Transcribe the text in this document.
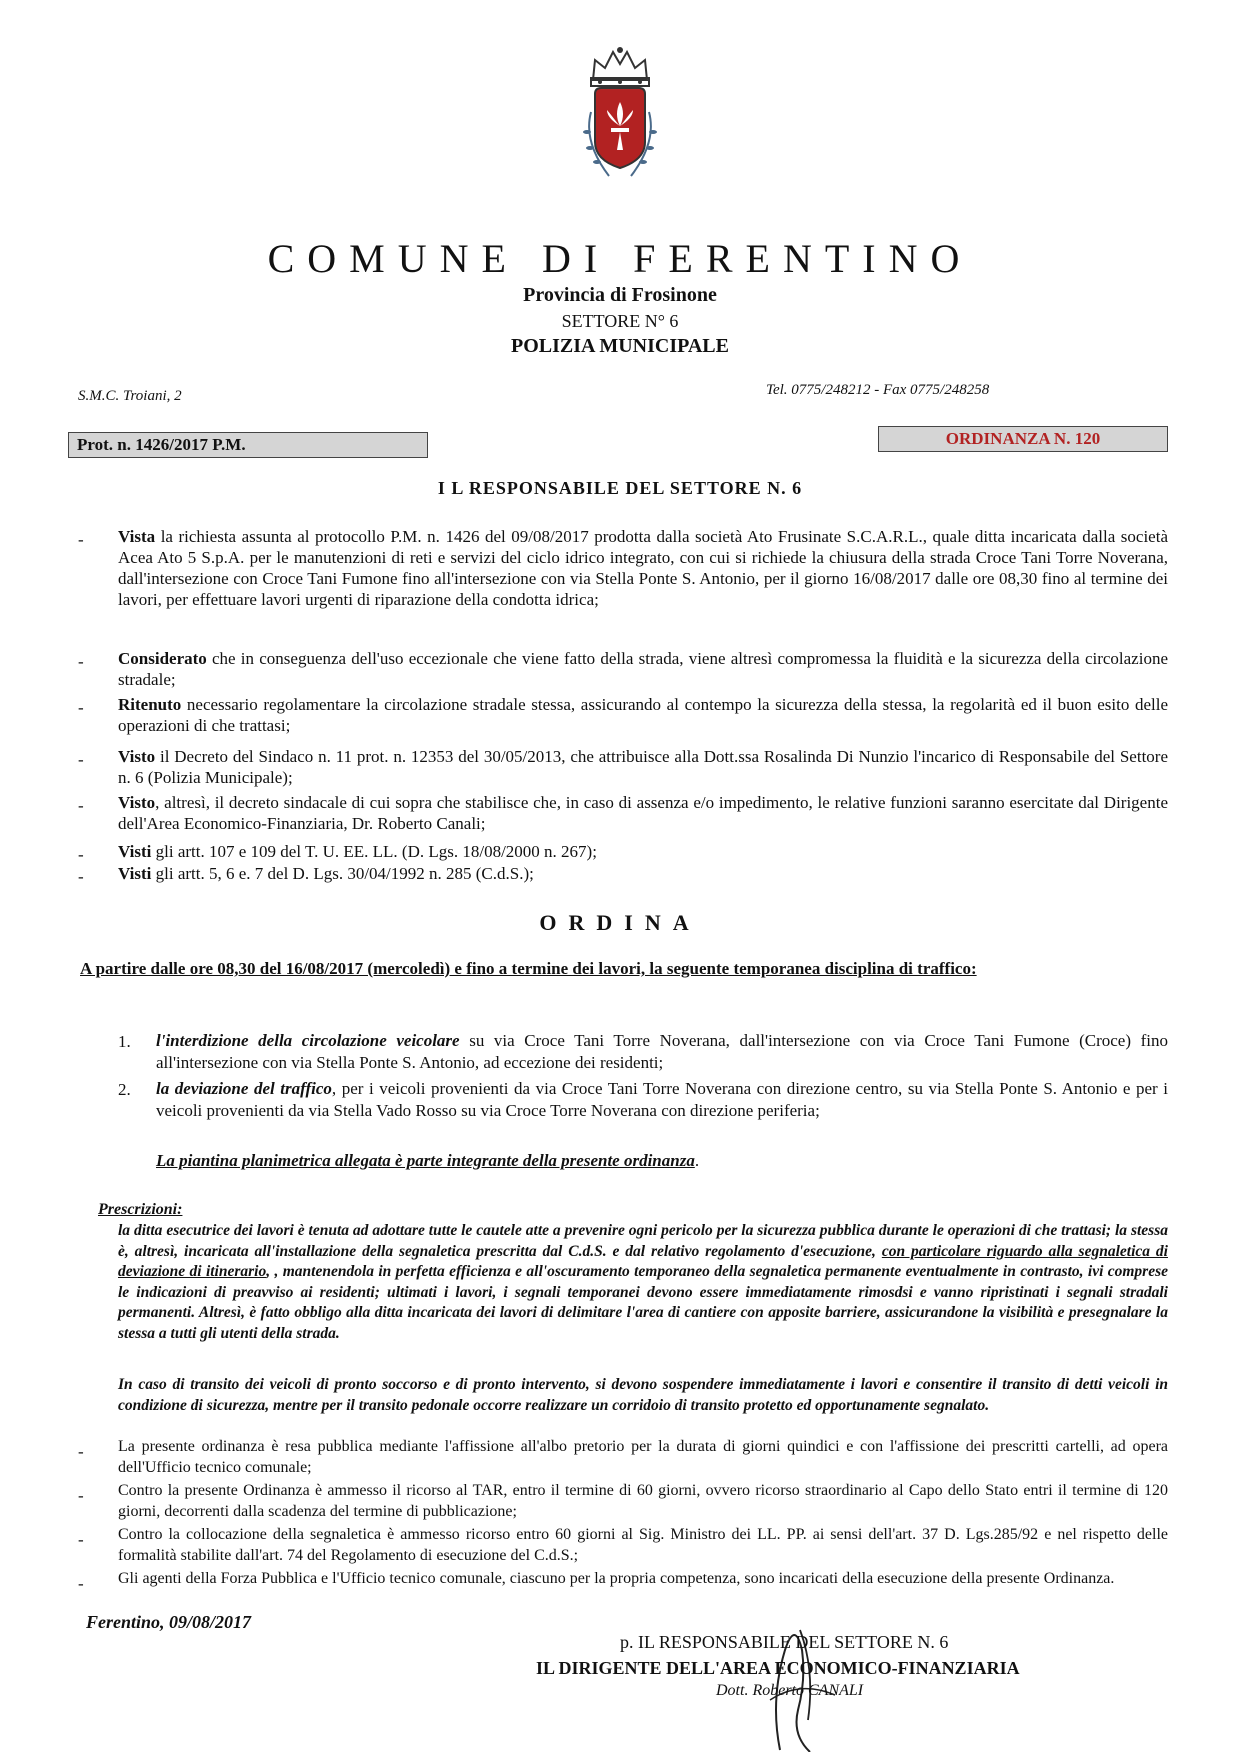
COMUNE DI FERENTINO
Provincia di Frosinone
SETTORE N° 6
POLIZIA MUNICIPALE
S.M.C. Troiani, 2	Tel. 0775/248212 - Fax 0775/248258
Prot. n. 1426/2017 P.M.	ORDINANZA N. 120
I L RESPONSABILE DEL SETTORE N. 6
- Vista la richiesta assunta al protocollo P.M. n. 1426 del 09/08/2017 prodotta dalla società Ato Frusinate S.C.A.R.L., quale ditta incaricata dalla società Acea Ato 5 S.p.A. per le manutenzioni di reti e servizi del ciclo idrico integrato, con cui si richiede la chiusura della strada Croce Tani Torre Noverana, dall'intersezione con Croce Tani Fumone fino all'intersezione con via Stella Ponte S. Antonio, per il giorno 16/08/2017 dalle ore 08,30 fino al termine dei lavori, per effettuare lavori urgenti di riparazione della condotta idrica;
- Considerato che in conseguenza dell'uso eccezionale che viene fatto della strada, viene altresì compromessa la fluidità e la sicurezza della circolazione stradale;
- Ritenuto necessario regolamentare la circolazione stradale stessa, assicurando al contempo la sicurezza della stessa, la regolarità ed il buon esito delle operazioni di che trattasi;
- Visto il Decreto del Sindaco n. 11 prot. n. 12353 del 30/05/2013, che attribuisce alla Dott.ssa Rosalinda Di Nunzio l'incarico di Responsabile del Settore n. 6 (Polizia Municipale);
- Visto, altresì, il decreto sindacale di cui sopra che stabilisce che, in caso di assenza e/o impedimento, le relative funzioni saranno esercitate dal Dirigente dell'Area Economico-Finanziaria, Dr. Roberto Canali;
- Visti gli artt. 107 e 109 del T. U. EE. LL. (D. Lgs. 18/08/2000 n. 267);
- Visti gli artt. 5, 6 e. 7 del D. Lgs. 30/04/1992 n. 285 (C.d.S.);
ORDINA
A partire dalle ore 08,30 del 16/08/2017 (mercoledì) e fino a termine dei lavori, la seguente temporanea disciplina di traffico:
1. l'interdizione della circolazione veicolare su via Croce Tani Torre Noverana, dall'intersezione con via Croce Tani Fumone (Croce) fino all'intersezione con via Stella Ponte S. Antonio, ad eccezione dei residenti;
2. la deviazione del traffico, per i veicoli provenienti da via Croce Tani Torre Noverana con direzione centro, su via Stella Ponte S. Antonio e per i veicoli provenienti da via Stella Vado Rosso su via Croce Torre Noverana con direzione periferia;
La piantina planimetrica allegata è parte integrante della presente ordinanza.
Prescrizioni:
la ditta esecutrice dei lavori è tenuta ad adottare tutte le cautele atte a prevenire ogni pericolo per la sicurezza pubblica durante le operazioni di che trattasi; la stessa è, altresì, incaricata all'installazione della segnaletica prescritta dal C.d.S. e dal relativo regolamento d'esecuzione, con particolare riguardo alla segnaletica di deviazione di itinerario, , mantenendola in perfetta efficienza e all'oscuramento temporaneo della segnaletica permanente eventualmente in contrasto, ivi comprese le indicazioni di preavviso ai residenti; ultimati i lavori, i segnali temporanei devono essere immediatamente rimosdsi e vanno ripristinati i segnali stradali permanenti. Altresì, è fatto obbligo alla ditta incaricata dei lavori di delimitare l'area di cantiere con apposite barriere, assicurandone la visibilità e presegnalare la stessa a tutti gli utenti della strada.
In caso di transito dei veicoli di pronto soccorso e di pronto intervento, si devono sospendere immediatamente i lavori e consentire il transito di detti veicoli in condizione di sicurezza, mentre per il transito pedonale occorre realizzare un corridoio di transito protetto ed opportunamente segnalato.
- La presente ordinanza è resa pubblica mediante l'affissione all'albo pretorio per la durata di giorni quindici e con l'affissione dei prescritti cartelli, ad opera dell'Ufficio tecnico comunale;
- Contro la presente Ordinanza è ammesso il ricorso al TAR, entro il termine di 60 giorni, ovvero ricorso straordinario al Capo dello Stato entri il termine di 120 giorni, decorrenti dalla scadenza del termine di pubblicazione;
- Contro la collocazione della segnaletica è ammesso ricorso entro 60 giorni al Sig. Ministro dei LL. PP. ai sensi dell'art. 37 D. Lgs.285/92 e nel rispetto delle formalità stabilite dall'art. 74 del Regolamento di esecuzione del C.d.S.;
- Gli agenti della Forza Pubblica e l'Ufficio tecnico comunale, ciascuno per la propria competenza, sono incaricati della esecuzione della presente Ordinanza.
Ferentino, 09/08/2017
p. IL RESPONSABILE DEL SETTORE N. 6
IL DIRIGENTE DELL'AREA ECONOMICO-FINANZIARIA
Dott. Roberto CANALI
